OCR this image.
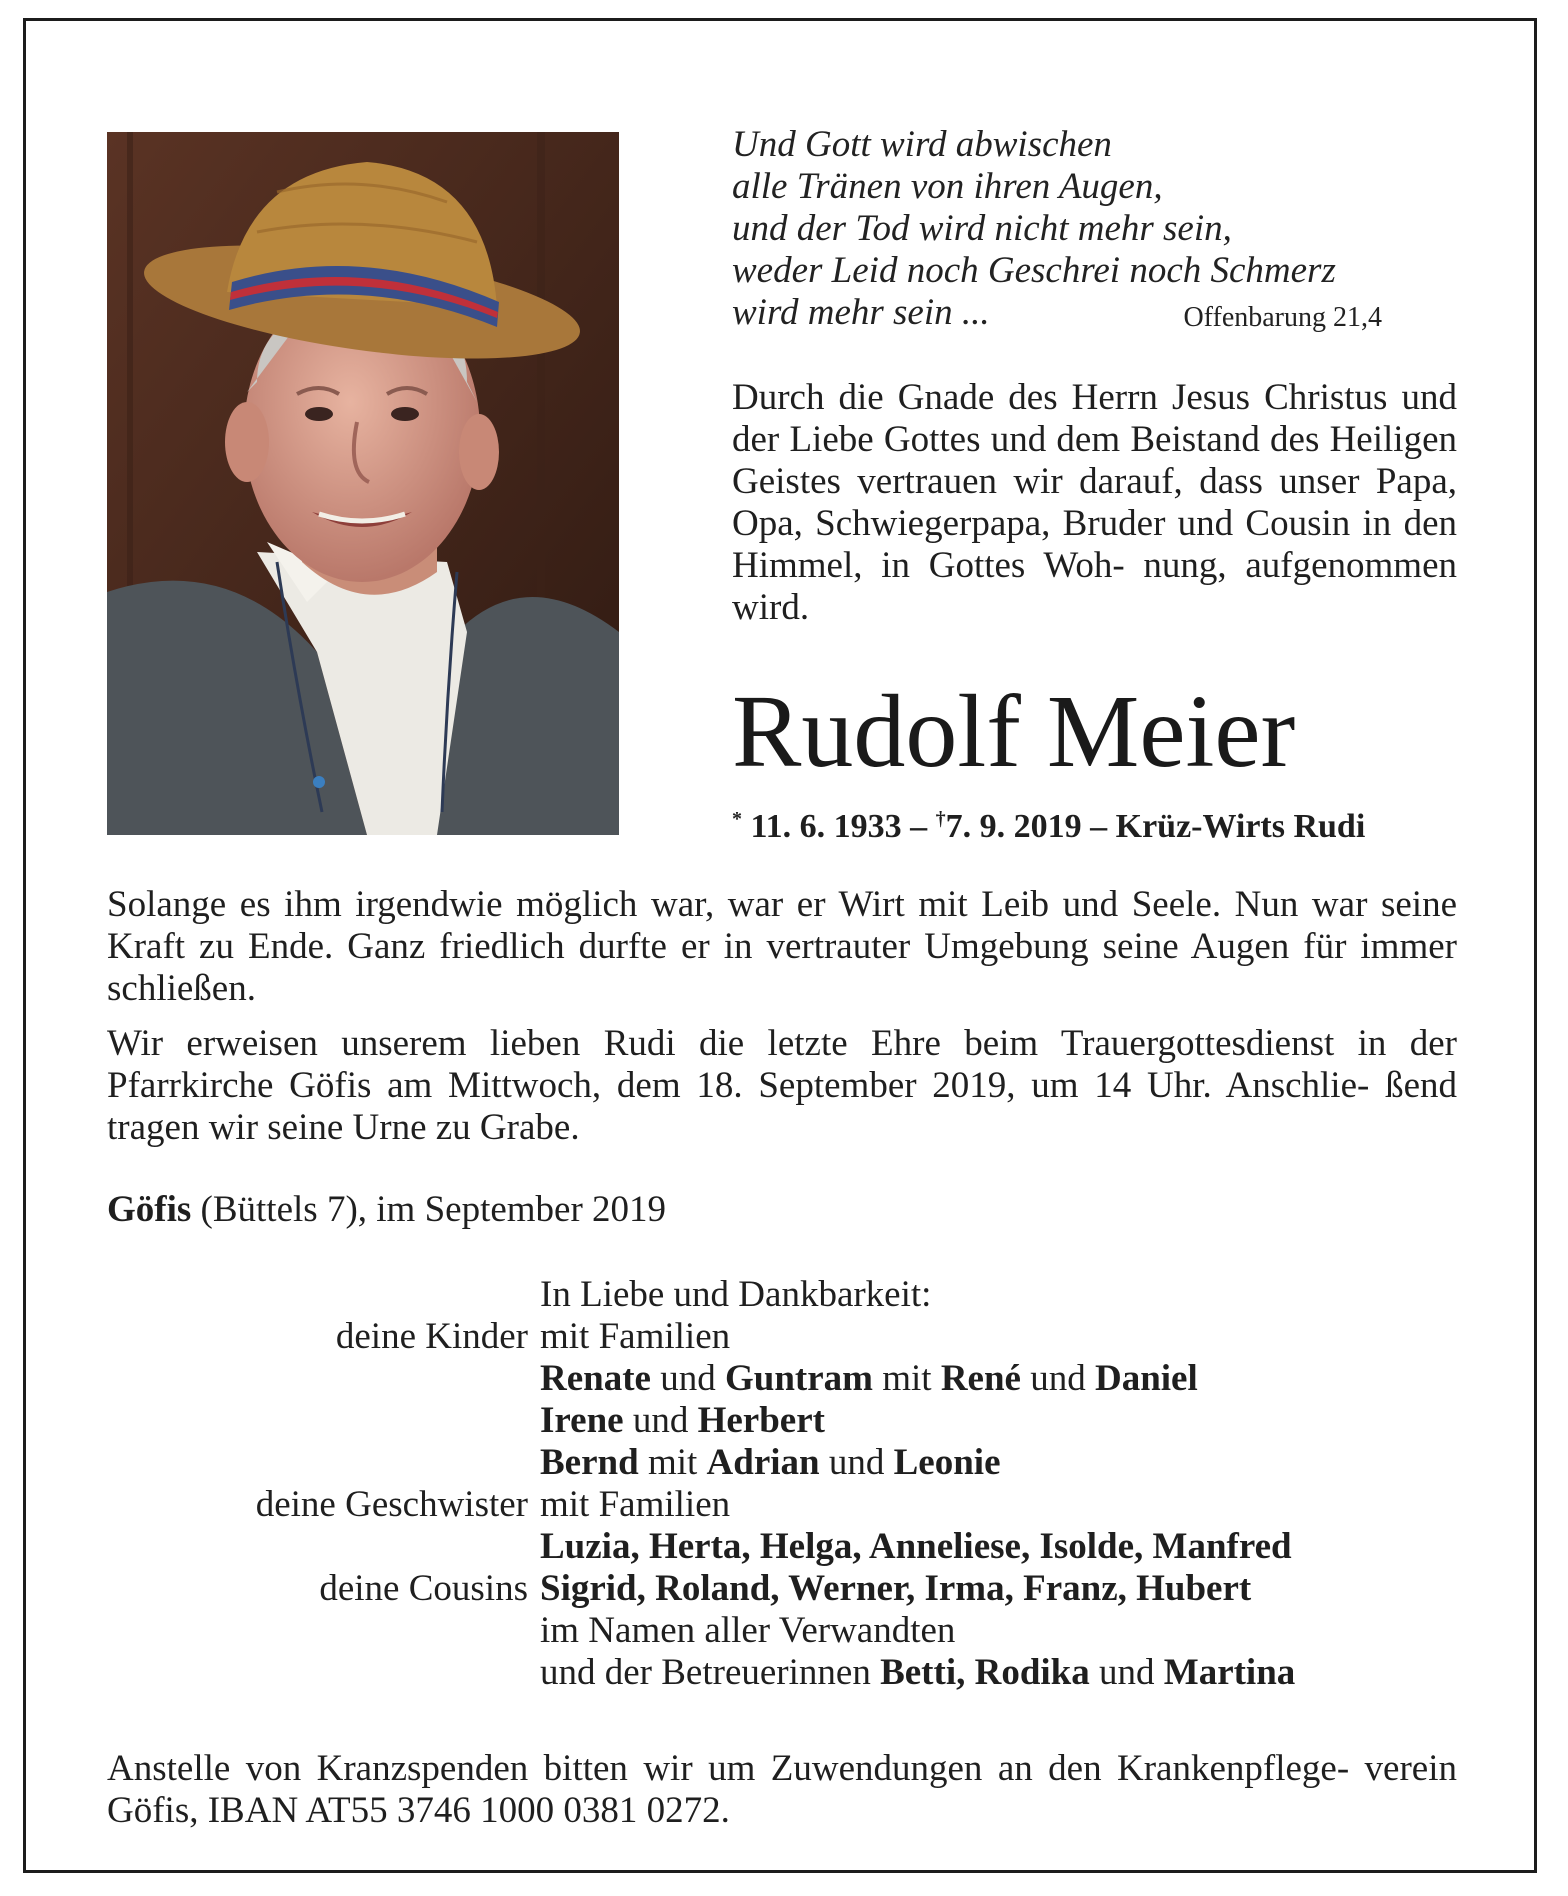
Und Gott wird abwischen
alle Tränen von ihren Augen,
und der Tod wird nicht mehr sein,
weder Leid noch Geschrei noch Schmerz
wird mehr sein ...	Offenbarung 21,4
Durch die Gnade des Herrn Jesus Christus und der Liebe Gottes und dem Beistand des Heiligen Geistes vertrauen wir darauf, dass unser Papa, Opa, Schwiegerpapa, Bruder und Cousin in den Himmel, in Gottes Woh- nung, aufgenommen wird.
Rudolf Meier
* 11. 6. 1933 – †7. 9. 2019 – Krüz-Wirts Rudi
Solange es ihm irgendwie möglich war, war er Wirt mit Leib und Seele. Nun war seine Kraft zu Ende. Ganz friedlich durfte er in vertrauter Umgebung seine Augen für immer schließen.
Wir erweisen unserem lieben Rudi die letzte Ehre beim Trauergottesdienst in der Pfarrkirche Göfis am Mittwoch, dem 18. September 2019, um 14 Uhr. Anschlie- ßend tragen wir seine Urne zu Grabe.
Göfis (Büttels 7), im September 2019
In Liebe und Dankbarkeit:
deine Kinder mit Familien
Renate und Guntram mit René und Daniel
Irene und Herbert
Bernd mit Adrian und Leonie
deine Geschwister mit Familien
Luzia, Herta, Helga, Anneliese, Isolde, Manfred
deine Cousins Sigrid, Roland, Werner, Irma, Franz, Hubert
im Namen aller Verwandten
und der Betreuerinnen Betti, Rodika und Martina
Anstelle von Kranzspenden bitten wir um Zuwendungen an den Krankenpflege- verein Göfis, IBAN AT55 3746 1000 0381 0272.
